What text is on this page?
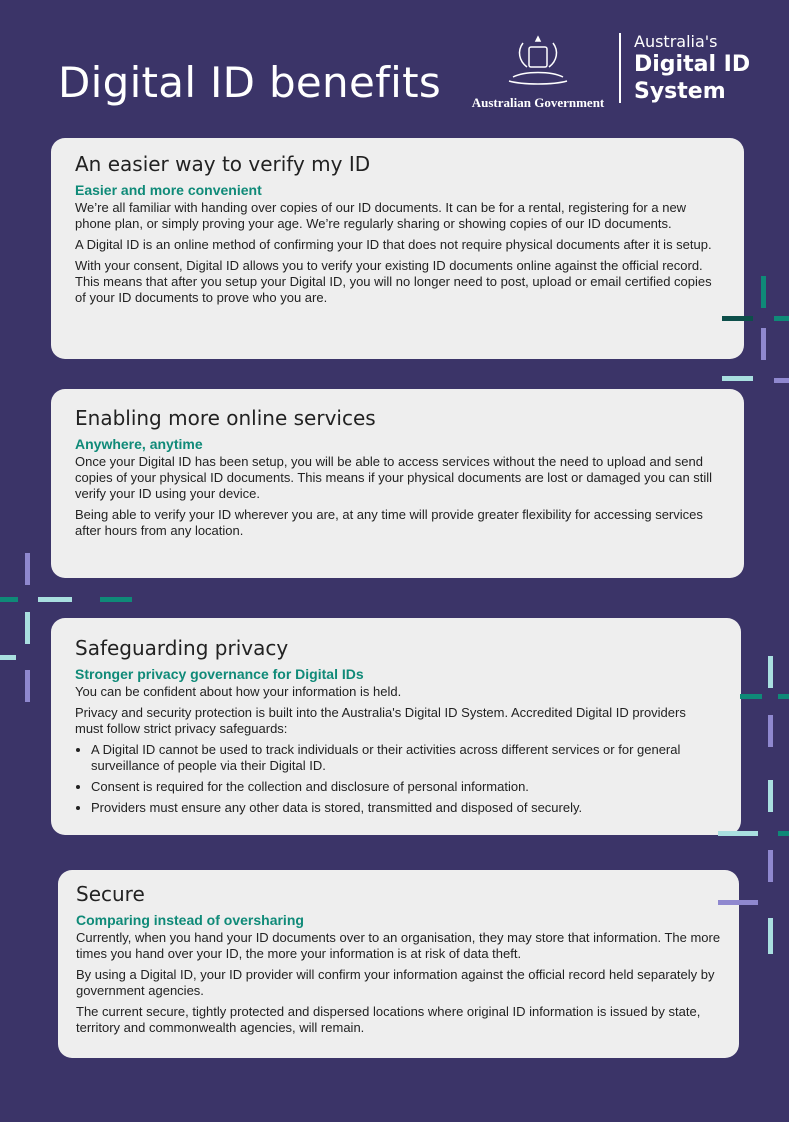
Digital ID benefits Australian Government
Australia's
Digital ID
System
An easier way to verify my ID
Easier and more convenient

We’re all familiar with handing over copies of our ID documents. It can be for a rental, registering for a new phone plan, or simply proving your age. We’re regularly sharing or showing copies of our ID documents.

A Digital ID is an online method of confirming your ID that does not require physical documents after it is setup.

With your consent, Digital ID allows you to verify your existing ID documents online against the official record. This means that after you setup your Digital ID, you will no longer need to post, upload or email certified copies of your ID documents to prove who you are.

Enabling more online services
Anywhere, anytime

Once your Digital ID has been setup, you will be able to access services without the need to upload and send copies of your physical ID documents. This means if your physical documents are lost or damaged you can still verify your ID using your device.

Being able to verify your ID wherever you are, at any time will provide greater flexibility for accessing services after hours from any location.

Safeguarding privacy
Stronger privacy governance for Digital IDs

You can be confident about how your information is held.

Privacy and security protection is built into the Australia's Digital ID System. Accredited Digital ID providers must follow strict privacy safeguards:

• A Digital ID cannot be used to track individuals or their activities across different services or for general surveillance of people via their Digital ID.
• Consent is required for the collection and disclosure of personal information.
• Providers must ensure any other data is stored, transmitted and disposed of securely.
Secure
Comparing instead of oversharing

Currently, when you hand your ID documents over to an organisation, they may store that information. The more times you hand over your ID, the more your information is at risk of data theft.

By using a Digital ID, your ID provider will confirm your information against the official record held separately by government agencies.

The current secure, tightly protected and dispersed locations where original ID information is issued by state, territory and commonwealth agencies, will remain.
